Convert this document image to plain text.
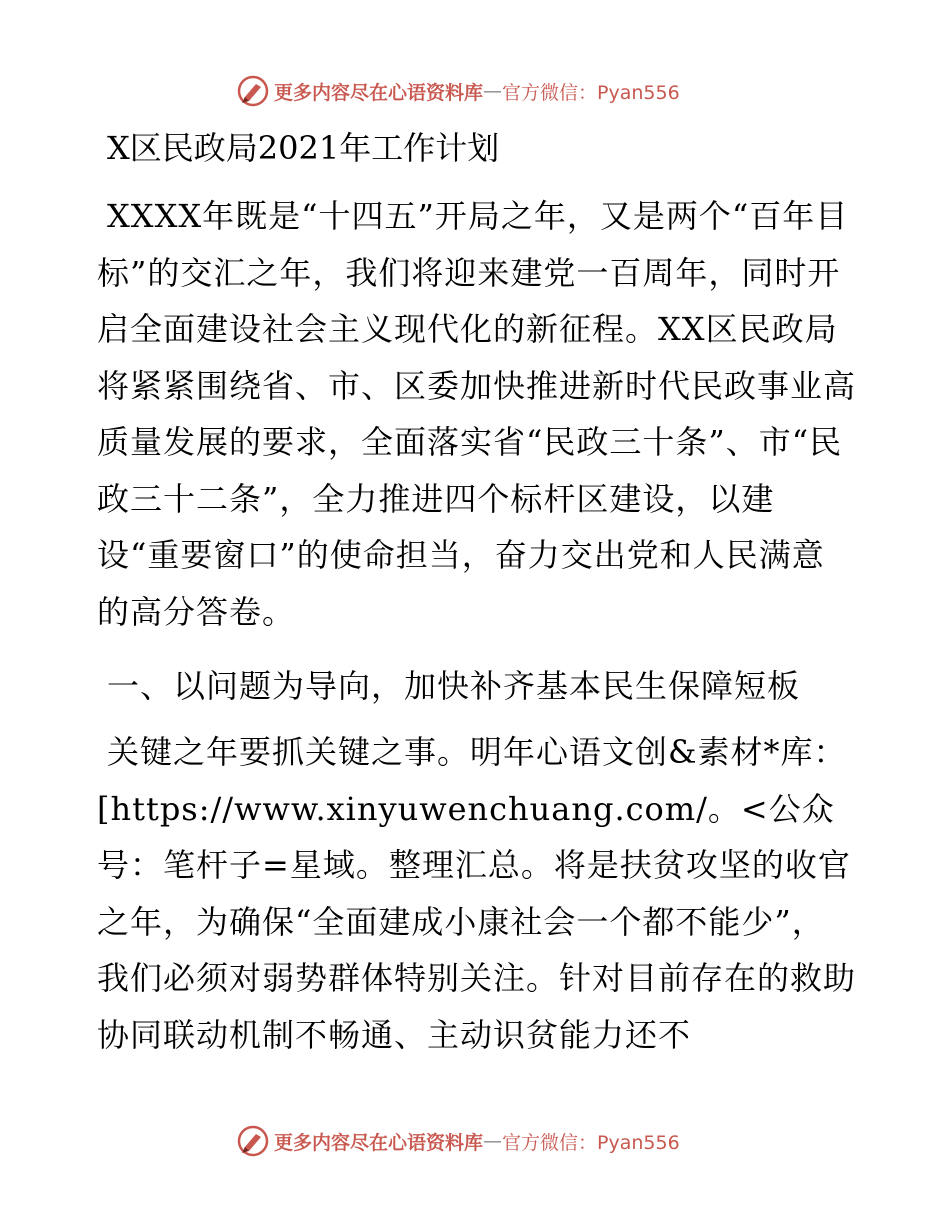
更多内容尽在心语资料库 — 官方微信：Pyan556
X区民政局2021年工作计划

XXXX年既是“十四五”开局之年，又是两个“百年目标”的交汇之年，我们将迎来建党一百周年，同时开启全面建设社会主义现代化的新征程。XX区民政局将紧紧围绕省、市、区委加快推进新时代民政事业高质量发展的要求，全面落实省“民政三十条”、市“民政三十二条”，全力推进四个标杆区建设，以建设“重要窗口”的使命担当，奋力交出党和人民满意的高分答卷。

一、以问题为导向，加快补齐基本民生保障短板

关键之年要抓关键之事。明年心语文创&素材*库：[https://www.xinyuwenchuang.com/。<公众号：笔杆子=星域。整理汇总。将是扶贫攻坚的收官之年，为确保“全面建成小康社会一个都不能少”，我们必须对弱势群体特别关注。针对目前存在的救助协同联动机制不畅通、主动识贫能力还不

更多内容尽在心语资料库 — 官方微信：Pyan556
